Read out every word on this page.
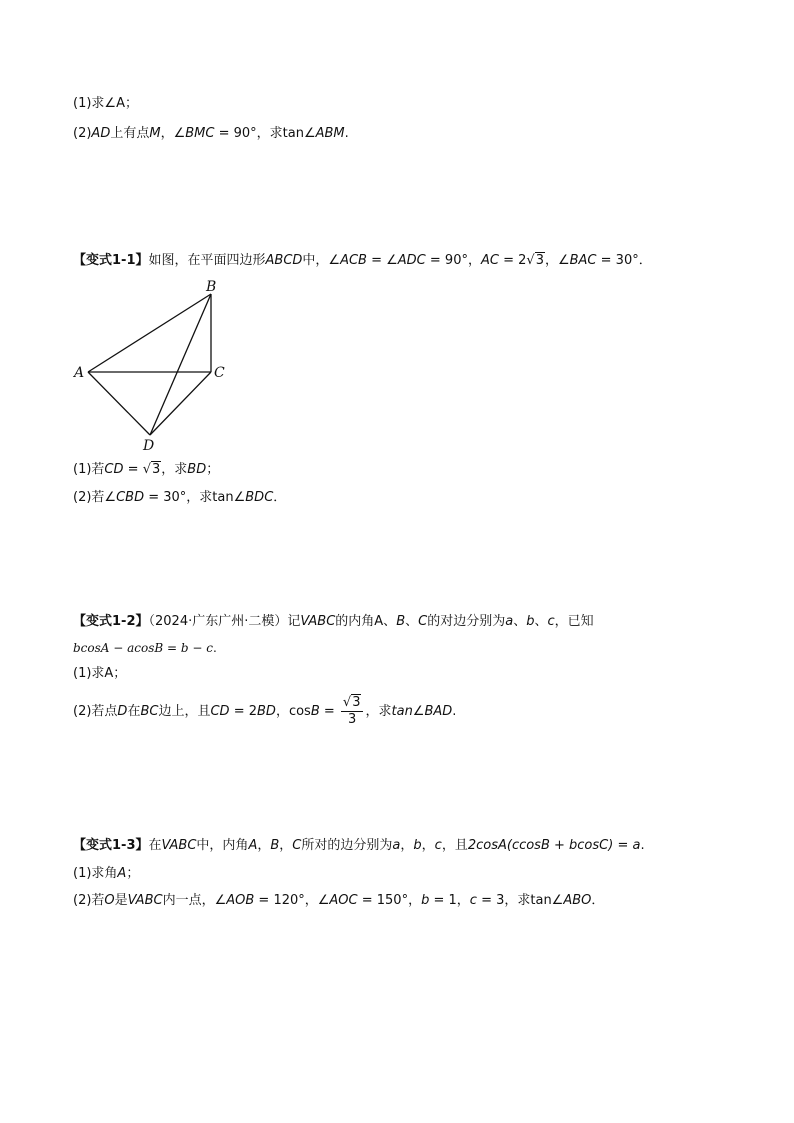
(1)求∠A；
(2)AD上有点M，∠BMC = 90°，求tan∠ABM.
【变式1-1】如图，在平面四边形ABCD中，∠ACB = ∠ADC = 90°，AC = 2√3，∠BAC = 30°．
B
A	C
D
(1)若CD = √3，求BD；
(2)若∠CBD = 30°，求tan∠BDC．
【变式1-2】（2024·广东广州·二模）记VABC的内角A、B、C的对边分别为a、b、c，已知
bcosA − acosB = b − c.
(1)求A；
(2)若点D在BC边上，且CD = 2BD，$\cos B = \frac{√3}{3}$ ，求tan∠BAD.
【变式1-3】在VABC中，内角A，B，C所对的边分别为a，b，c，且2cosA(ccosB + bcosC) = a.
(1)求角A；
(2)若O是VABC内一点，∠AOB = 120°，∠AOC = 150°，b = 1，c = 3，求tan∠ABO．
